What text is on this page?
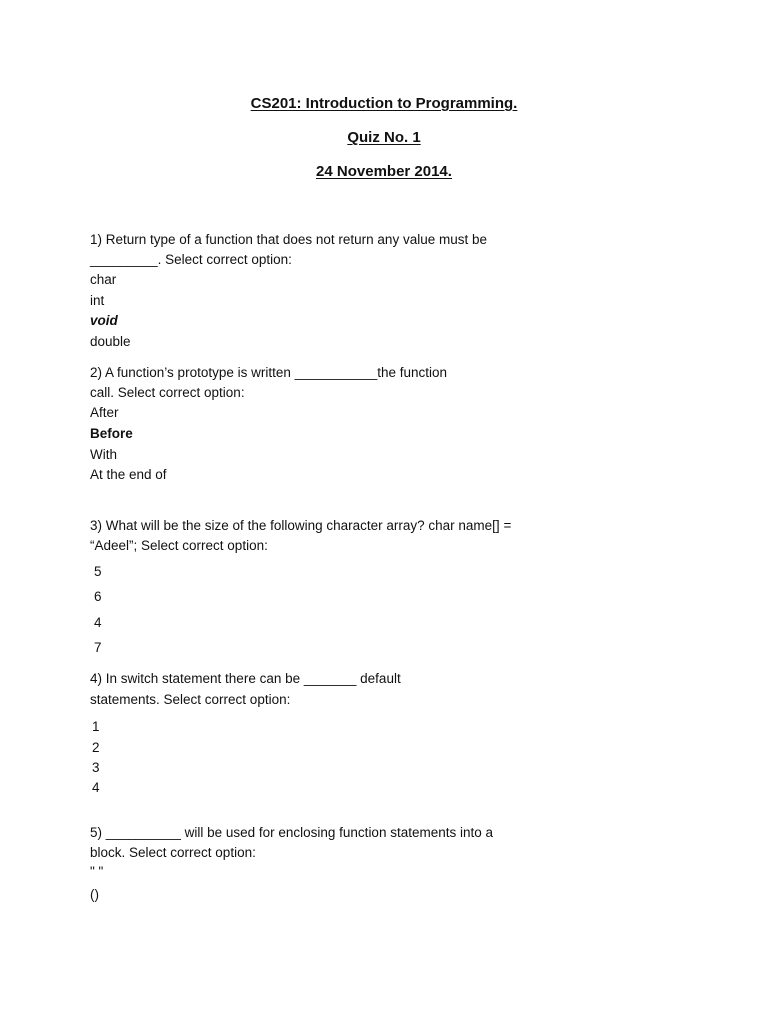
CS201: Introduction to Programming.
Quiz No. 1
24 November 2014.
1) Return type of a function that does not return any value must be
_________. Select correct option:
char
int
void
double
2) A function’s prototype is written ___________the function
call. Select correct option:
After
Before
With
At the end of
3) What will be the size of the following character array? char name[] =
“Adeel”; Select correct option:
5
6
4
7
4) In switch statement there can be _______ default
statements. Select correct option:
1
2
3
4
5) __________ will be used for enclosing function statements into a
block. Select correct option:
" "
()
